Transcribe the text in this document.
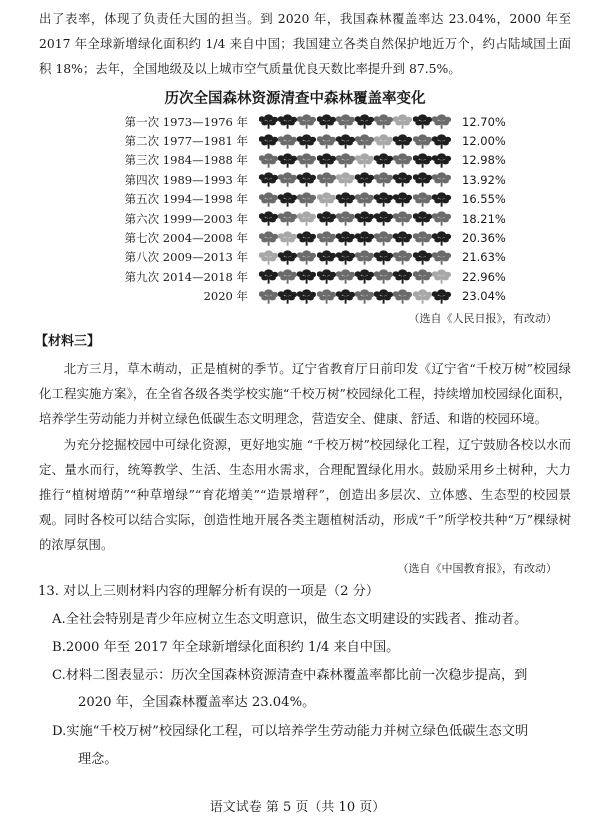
出了表率，体现了负责任大国的担当。到 2020 年，我国森林覆盖率达 23.04%，2000 年至 2017 年全球新增绿化面积约 1/4 来自中国；我国建立各类自然保护地近万个，约占陆域国土面积 18%；去年，全国地级及以上城市空气质量优良天数比率提升到 87.5%。
历次全国森林资源清查中森林覆盖率变化
第一次 1973—1976 年	12.70%
第二次 1977—1981 年	12.00%
第三次 1984—1988 年	12.98%
第四次 1989—1993 年	13.92%
第五次 1994—1998 年	16.55%
第六次 1999—2003 年	18.21%
第七次 2004—2008 年	20.36%
第八次 2009—2013 年	21.63%
第九次 2014—2018 年	22.96%
2020 年	23.04%
（选自《人民日报》，有改动）
【材料三】

北方三月，草木萌动，正是植树的季节。辽宁省教育厅日前印发《辽宁省“千校万树”校园绿化工程实施方案》，在全省各级各类学校实施“千校万树”校园绿化工程，持续增加校园绿化面积，培养学生劳动能力并树立绿色低碳生态文明理念，营造安全、健康、舒适、和谐的校园环境。

为充分挖掘校园中可绿化资源，更好地实施 “千校万树”校园绿化工程，辽宁鼓励各校以水而定、量水而行，统筹教学、生活、生态用水需求，合理配置绿化用水。鼓励采用乡土树种，大力推行“植树增荫”“种草增绿”“育花增美”“造景增秤”，创造出多层次、立体感、生态型的校园景观。同时各校可以结合实际，创造性地开展各类主题植树活动，形成“千”所学校共种“万”棵绿树的浓厚氛围。

（选自《中国教育报》，有改动）
13. 对以上三则材料内容的理解分析有误的一项是（2 分）
A.全社会特别是青少年应树立生态文明意识，做生态文明建设的实践者、推动者。
B.2000 年至 2017 年全球新增绿化面积约 1/4 来自中国。
C.材料二图表显示：历次全国森林资源清查中森林覆盖率都比前一次稳步提高，到
2020 年，全国森林覆盖率达 23.04%。
D.实施“千校万树”校园绿化工程，可以培养学生劳动能力并树立绿色低碳生态文明
理念。
语文试卷 第 5 页（共 10 页）
